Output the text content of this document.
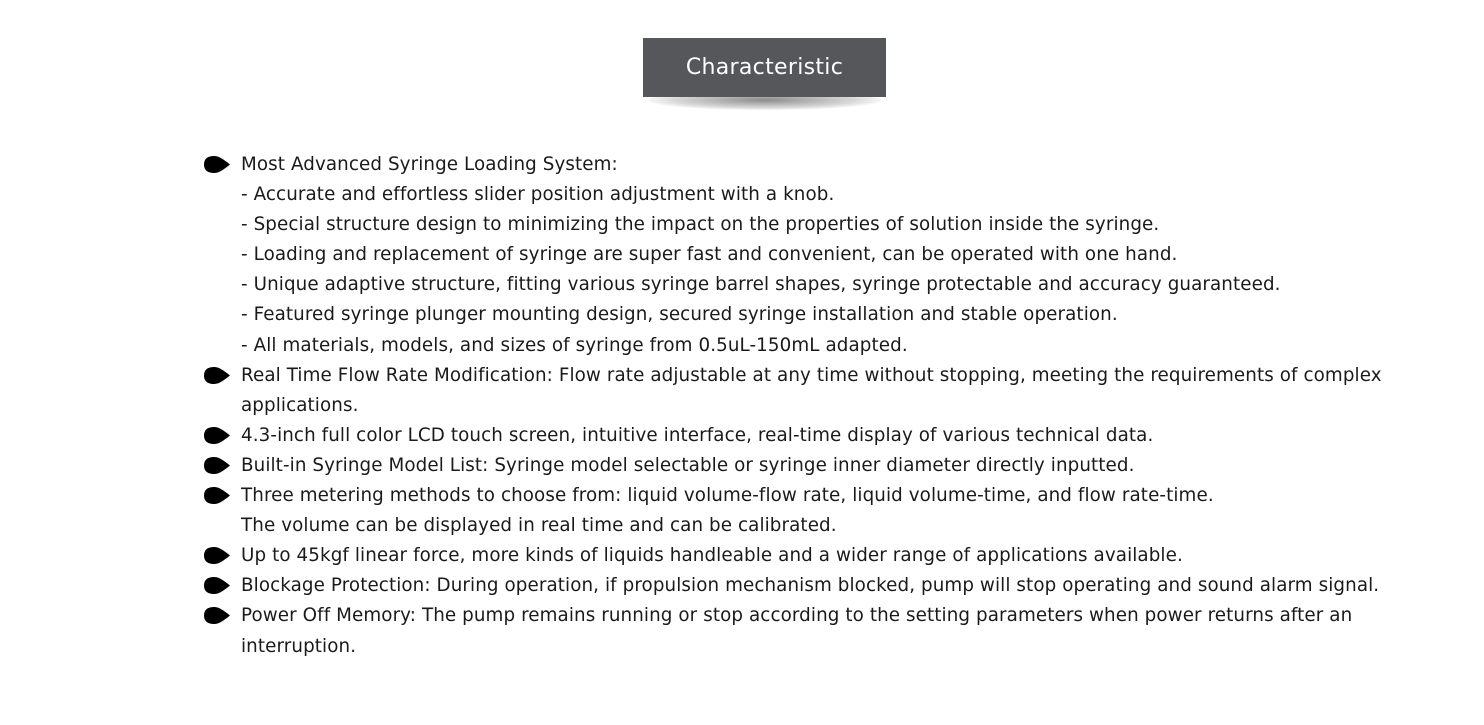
Characteristic
Most Advanced Syringe Loading System:
- Accurate and effortless slider position adjustment with a knob.
- Special structure design to minimizing the impact on the properties of solution inside the syringe.
- Loading and replacement of syringe are super fast and convenient, can be operated with one hand.
- Unique adaptive structure, fitting various syringe barrel shapes, syringe protectable and accuracy guaranteed.
- Featured syringe plunger mounting design, secured syringe installation and stable operation.
- All materials, models, and sizes of syringe from 0.5uL-150mL adapted.
Real Time Flow Rate Modification: Flow rate adjustable at any time without stopping, meeting the requirements of complex
applications.
4.3-inch full color LCD touch screen, intuitive interface, real-time display of various technical data.
Built-in Syringe Model List: Syringe model selectable or syringe inner diameter directly inputted.
Three metering methods to choose from: liquid volume-flow rate, liquid volume-time, and flow rate-time.
The volume can be displayed in real time and can be calibrated.
Up to 45kgf linear force, more kinds of liquids handleable and a wider range of applications available.
Blockage Protection: During operation, if propulsion mechanism blocked, pump will stop operating and sound alarm signal.
Power Off Memory: The pump remains running or stop according to the setting parameters when power returns after an
interruption.
